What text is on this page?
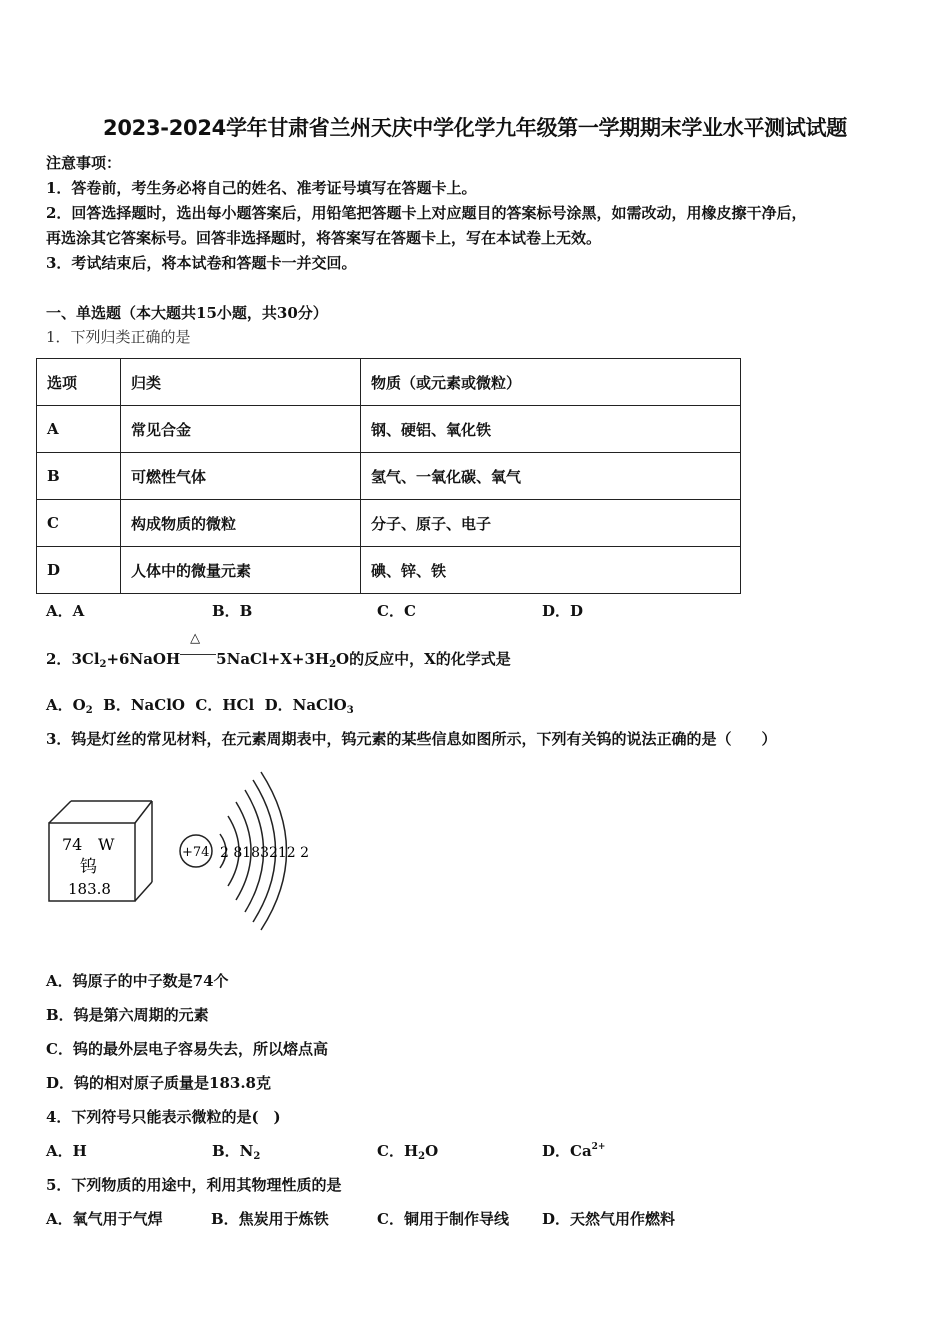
2023-2024学年甘肃省兰州天庆中学化学九年级第一学期期末学业水平测试试题
注意事项：
1．答卷前，考生务必将自己的姓名、准考证号填写在答题卡上。
2．回答选择题时，选出每小题答案后，用铅笔把答题卡上对应题目的答案标号涂黑，如需改动，用橡皮擦干净后，
再选涂其它答案标号。回答非选择题时，将答案写在答题卡上，写在本试卷上无效。
3．考试结束后，将本试卷和答题卡一并交回。
一、单选题（本大题共15小题，共30分）
1．下列归类正确的是
选项	归类	物质（或元素或微粒）
A	常见合金	钢、硬铝、氧化铁
B	可燃性气体	氢气、一氧化碳、氧气
C	构成物质的微粒	分子、原子、电子
D	人体中的微量元素	碘、锌、铁
A．A	B．B	C．C	D．D
2．$3Cl_2+6NaOH$
△
$5NaCl+X+3H_2O$的反应中，X的化学式是
A．$O_2$ B．NaClO C．HCl D．NaClO$_3$
3．钨是灯丝的常见材料，在元素周期表中，钨元素的某些信息如图所示，下列有关钨的说法正确的是（　　）
74 W
钨
183.8
+74 2 8183212 2
A．钨原子的中子数是74个
B．钨是第六周期的元素
C．钨的最外层电子容易失去，所以熔点高
D．钨的相对原子质量是183.8克
4．下列符号只能表示微粒的是(　)
A．H	B．$N_2$	C．$H_2O$	D．$Ca^{2+}$
5．下列物质的用途中，利用其物理性质的是
A．氧气用于气焊	B．焦炭用于炼铁	C．铜用于制作导线 D．天然气用作燃料
